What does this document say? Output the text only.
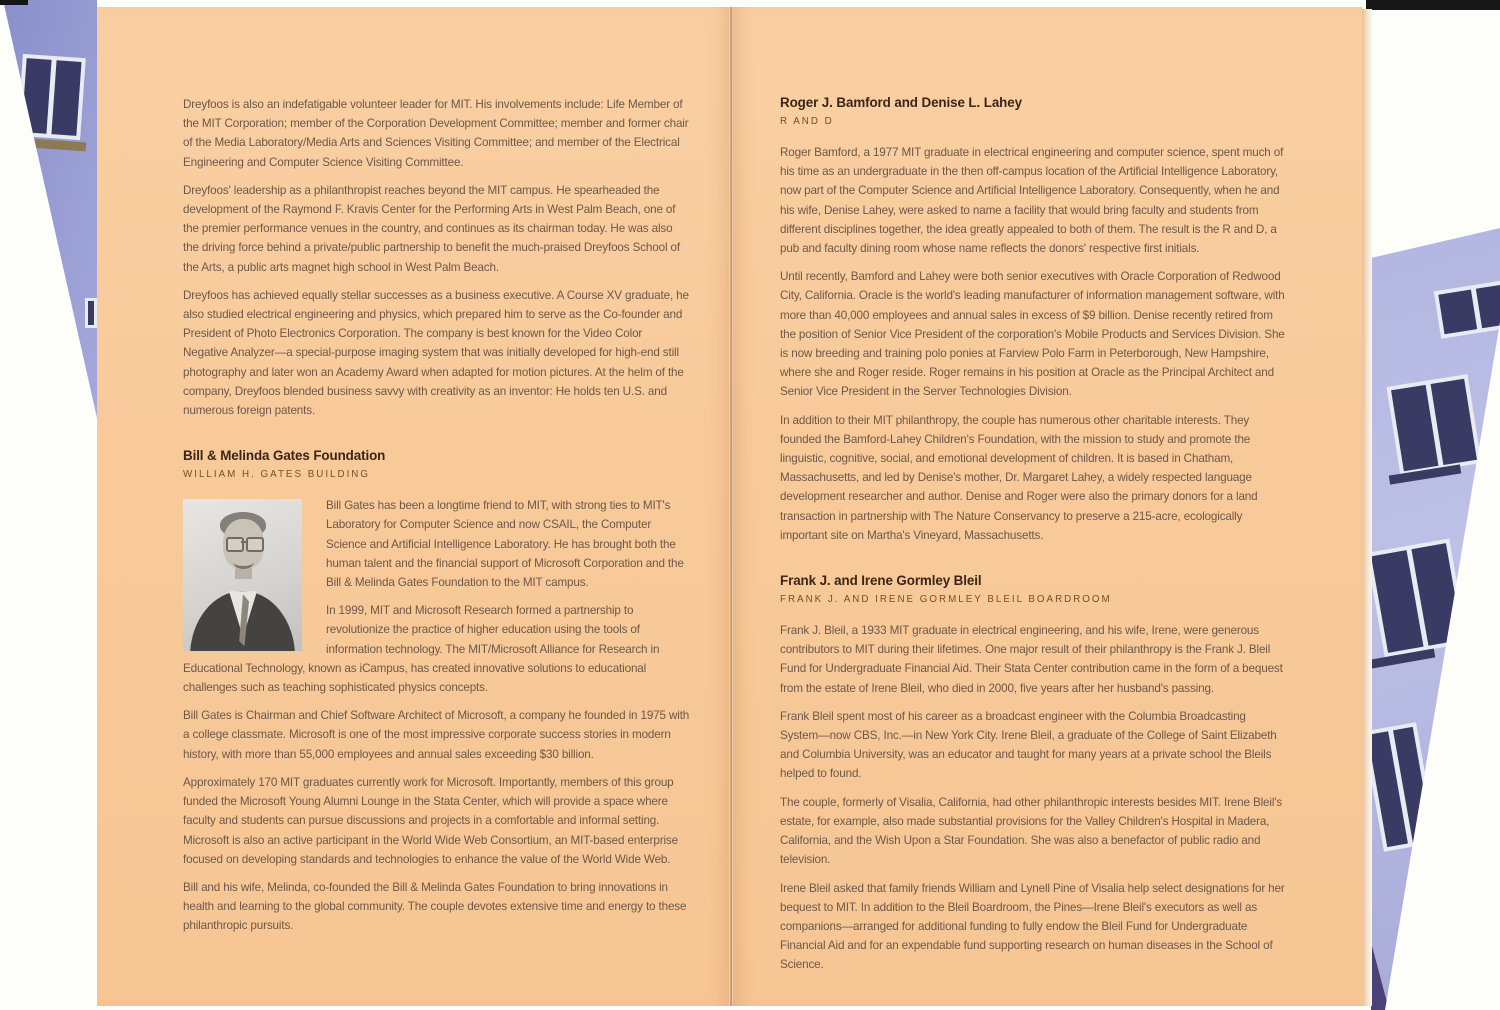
Dreyfoos is also an indefatigable volunteer leader for MIT. His involvements include: Life Member of the MIT Corporation; member of the Corporation Development Committee; member and former chair of the Media Laboratory/Media Arts and Sciences Visiting Committee; and member of the Electrical Engineering and Computer Science Visiting Committee.

Dreyfoos' leadership as a philanthropist reaches beyond the MIT campus. He spearheaded the development of the Raymond F. Kravis Center for the Performing Arts in West Palm Beach, one of the premier performance venues in the country, and continues as its chairman today. He was also the driving force behind a private/public partnership to benefit the much-praised Dreyfoos School of the Arts, a public arts magnet high school in West Palm Beach.

Dreyfoos has achieved equally stellar successes as a business executive. A Course XV graduate, he also studied electrical engineering and physics, which prepared him to serve as the Co-founder and President of Photo Electronics Corporation. The company is best known for the Video Color Negative Analyzer—a special-purpose imaging system that was initially developed for high-end still photography and later won an Academy Award when adapted for motion pictures. At the helm of the company, Dreyfoos blended business savvy with creativity as an inventor: He holds ten U.S. and numerous foreign patents.

Bill & Melinda Gates Foundation
WILLIAM H. GATES BUILDING

Bill Gates has been a longtime friend to MIT, with strong ties to MIT's Laboratory for Computer Science and now CSAIL, the Computer Science and Artificial Intelligence Laboratory. He has brought both the human talent and the financial support of Microsoft Corporation and the Bill & Melinda Gates Foundation to the MIT campus.

In 1999, MIT and Microsoft Research formed a partnership to revolutionize the practice of higher education using the tools of information technology. The MIT/Microsoft Alliance for Research in Educational Technology, known as iCampus, has created innovative solutions to educational challenges such as teaching sophisticated physics concepts.

Bill Gates is Chairman and Chief Software Architect of Microsoft, a company he founded in 1975 with a college classmate. Microsoft is one of the most impressive corporate success stories in modern history, with more than 55,000 employees and annual sales exceeding $30 billion.

Approximately 170 MIT graduates currently work for Microsoft. Importantly, members of this group funded the Microsoft Young Alumni Lounge in the Stata Center, which will provide a space where faculty and students can pursue discussions and projects in a comfortable and informal setting. Microsoft is also an active participant in the World Wide Web Consortium, an MIT-based enterprise focused on developing standards and technologies to enhance the value of the World Wide Web.

Bill and his wife, Melinda, co-founded the Bill & Melinda Gates Foundation to bring innovations in health and learning to the global community. The couple devotes extensive time and energy to these philanthropic pursuits.

Roger J. Bamford and Denise L. Lahey
R AND D

Roger Bamford, a 1977 MIT graduate in electrical engineering and computer science, spent much of his time as an undergraduate in the then off-campus location of the Artificial Intelligence Laboratory, now part of the Computer Science and Artificial Intelligence Laboratory. Consequently, when he and his wife, Denise Lahey, were asked to name a facility that would bring faculty and students from different disciplines together, the idea greatly appealed to both of them. The result is the R and D, a pub and faculty dining room whose name reflects the donors' respective first initials.

Until recently, Bamford and Lahey were both senior executives with Oracle Corporation of Redwood City, California. Oracle is the world's leading manufacturer of information management software, with more than 40,000 employees and annual sales in excess of $9 billion. Denise recently retired from the position of Senior Vice President of the corporation's Mobile Products and Services Division. She is now breeding and training polo ponies at Farview Polo Farm in Peterborough, New Hampshire, where she and Roger reside. Roger remains in his position at Oracle as the Principal Architect and Senior Vice President in the Server Technologies Division.

In addition to their MIT philanthropy, the couple has numerous other charitable interests. They founded the Bamford-Lahey Children's Foundation, with the mission to study and promote the linguistic, cognitive, social, and emotional development of children. It is based in Chatham, Massachusetts, and led by Denise's mother, Dr. Margaret Lahey, a widely respected language development researcher and author. Denise and Roger were also the primary donors for a land transaction in partnership with The Nature Conservancy to preserve a 215-acre, ecologically important site on Martha's Vineyard, Massachusetts.

Frank J. and Irene Gormley Bleil
FRANK J. AND IRENE GORMLEY BLEIL BOARDROOM

Frank J. Bleil, a 1933 MIT graduate in electrical engineering, and his wife, Irene, were generous contributors to MIT during their lifetimes. One major result of their philanthropy is the Frank J. Bleil Fund for Undergraduate Financial Aid. Their Stata Center contribution came in the form of a bequest from the estate of Irene Bleil, who died in 2000, five years after her husband's passing.

Frank Bleil spent most of his career as a broadcast engineer with the Columbia Broadcasting System—now CBS, Inc.—in New York City. Irene Bleil, a graduate of the College of Saint Elizabeth and Columbia University, was an educator and taught for many years at a private school the Bleils helped to found.

The couple, formerly of Visalia, California, had other philanthropic interests besides MIT. Irene Bleil's estate, for example, also made substantial provisions for the Valley Children's Hospital in Madera, California, and the Wish Upon a Star Foundation. She was also a benefactor of public radio and television.

Irene Bleil asked that family friends William and Lynell Pine of Visalia help select designations for her bequest to MIT. In addition to the Bleil Boardroom, the Pines—Irene Bleil's executors as well as companions—arranged for additional funding to fully endow the Bleil Fund for Undergraduate Financial Aid and for an expendable fund supporting research on human diseases in the School of Science.
